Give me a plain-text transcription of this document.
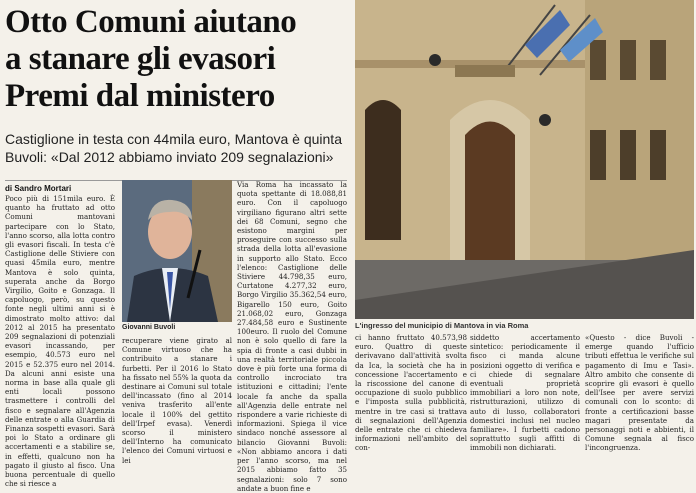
Otto Comuni aiutano
a stanare gli evasori
Premi dal ministero
Castiglione in testa con 44mila euro, Mantova è quinta Buvoli: «Dal 2012 abbiamo inviato 209 segnalazioni»
di Sandro Mortari
L'ingresso del municipio di Mantova in via Roma
Giovanni Buvoli
Poco più di 151mila euro. È quanto ha fruttato ad otto Comuni mantovani partecipare con lo Stato, l'anno scorso, alla lotta contro gli evasori fiscali. In testa c'è Castiglione delle Stiviere con quasi 45mila euro, mentre Mantova è solo quinta, superata anche da Borgo Virgilio, Goito e Gonzaga. Il capoluogo, però, su questo fonte negli ultimi anni si è dimostrato molto attivo: dal 2012 al 2015 ha presentato 209 segnalazioni di potenziali evasori incassando, per esempio, 40.573 euro nel 2015 e 52.375 euro nel 2014. Da alcuni anni esiste una norma in base alla quale gli enti locali possono trasmettere i controlli del fisco e segnalare all'Agenzia delle entrate o alla Guardia di Finanza sospetti evasori. Sarà poi lo Stato a ordinare gli accertamenti e a stabilire se, in effetti, qualcuno non ha pagato il giusto al fisco. Una buona percentuale di quello che si riesce a
recuperare viene girato al Comune virtuoso che ha contribuito a stanare i furbetti. Per il 2016 lo Stato ha fissato nel 55% la quota da destinare ai Comuni sul totale dell'incassato (fino al 2014 veniva trasferito all'ente locale il 100% del gettito dell'Irpef evasa). Venerdì scorso il ministero dell'Interno ha comunicato l'elenco dei Comuni virtuosi e lei
Via Roma ha incassato la quota spettante di 18.088,81 euro. Con il capoluogo virgiliano figurano altri sette dei 68 Comuni, segno che esistono margini per proseguire con successo sulla strada della lotta all'evasione in supporto allo Stato. Ecco l'elenco: Castiglione delle Stiviere 44.798,35 euro, Curtatone 4.277,32 euro, Borgo Virgilio 35.362,54 euro, Bigarello 150 euro, Goito 21.068,02 euro, Gonzaga 27.484,58 euro e Sustinente 100euro. Il ruolo del Comune non è solo quello di fare la spia di fronte a casi dubbi in una realtà territoriale piccola dove è più forte una forma di controllo incrociato tra istituzioni e cittadini; l'ente locale fa anche da spalla all'Agenzia delle entrate nel rispondere a varie richieste di informazioni. Spiega il vice sindaco nonché assessore al bilancio Giovanni Buvoli: «Non abbiamo ancora i dati per l'anno scorso, ma nel 2015 abbiamo fatto 35 segnalazioni: solo 7 sono andate a buon fine e
ci hanno fruttato 40.573,98 euro. Quattro di queste derivavano dall'attività svolta da Ica, la società che ha in concessione l'accertamento e la riscossione del canone di occupazione di suolo pubblico e l'imposta sulla pubblicità, mentre in tre casi si trattava di segnalazioni dell'Agenzia delle entrate che ci chiedeva informazioni nell'ambito del con-
siddetto accertamento sintetico: periodicamente il fisco ci manda alcune posizioni oggetto di verifica e ci chiede di segnalare eventuali proprietà immobiliari a loro non note, ristrutturazioni, utilizzo di auto di lusso, collaboratori domestici inclusi nel nucleo familiare». I furbetti cadono soprattutto sugli affitti di immobili non dichiarati.
«Questo - dice Buvoli - emerge quando l'ufficio tributi effettua le verifiche sul pagamento di Imu e Tasi». Altro ambito che consente di scoprire gli evasori è quello dell'Isee per avere servizi comunali con lo sconto: di fronte a certificazioni basse magari presentate da personaggi noti e abbienti, il Comune segnala al fisco l'incongruenza.
